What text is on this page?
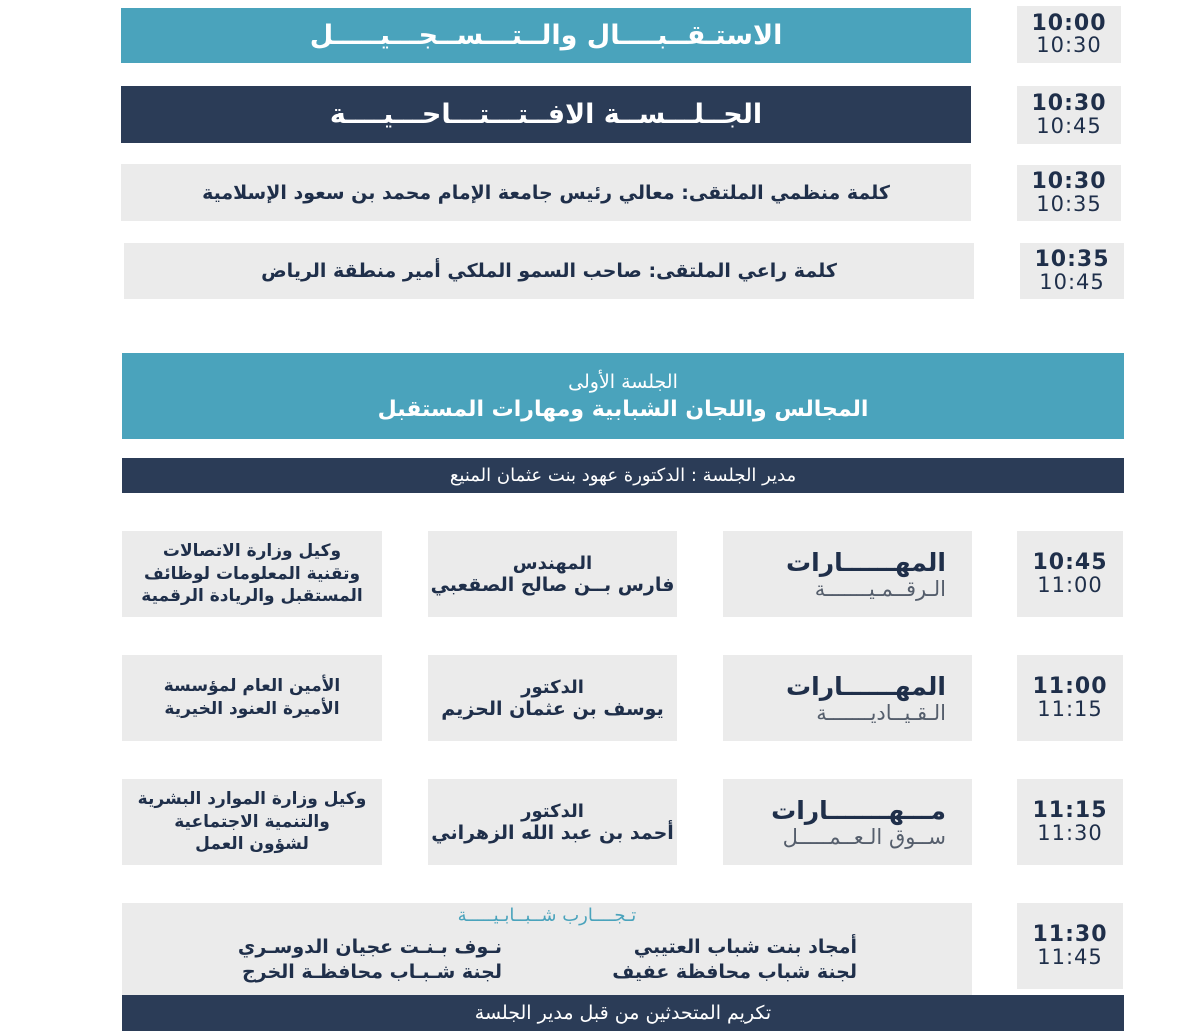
10:00
10:30
الاستـقــبــــال والــتـــســجـــيـــــل
10:30
10:45
الجــلـــســة الافــتـــتـــاحـــيــــة
10:30
10:35
كلمة منظمي الملتقى: معالي رئيس جامعة الإمام محمد بن سعود الإسلامية
10:35
10:45
كلمة راعي الملتقى: صاحب السمو الملكي أمير منطقة الرياض
الجلسة الأولى
المجالس واللجان الشبابية ومهارات المستقبل
مدير الجلسة : الدكتورة عهود بنت عثمان المنيع
10:45
11:00
المهــــــارات
الـرقــمـيـــــــة
المهندس
فارس بــن صالح الصقعبي
وكيل وزارة الاتصالات
وتقنية المعلومات لوظائف
المستقبل والريادة الرقمية
11:00
11:15
المهــــــارات
الـقـيــاديـــــــة
الدكتور
يوسف بن عثمان الحزيم
الأمين العام لمؤسسة
الأميرة العنود الخيرية
11:15
11:30
مـــهـــــــارات
ســوق الـعــمـــــل
الدكتور
أحمد بن عبد الله الزهراني
وكيل وزارة الموارد البشرية
والتنمية الاجتماعية
لشؤون العمل
11:30
11:45
تـجــــارب شــبــابـيـــــة
أمجاد بنت شباب العتيبي
لجنة شباب محافظة عفيف
نـوف بـنـت عجيان الدوسـري
لجنة شـبـاب محافظـة الخرج
تكريم المتحدثين من قبل مدير الجلسة
